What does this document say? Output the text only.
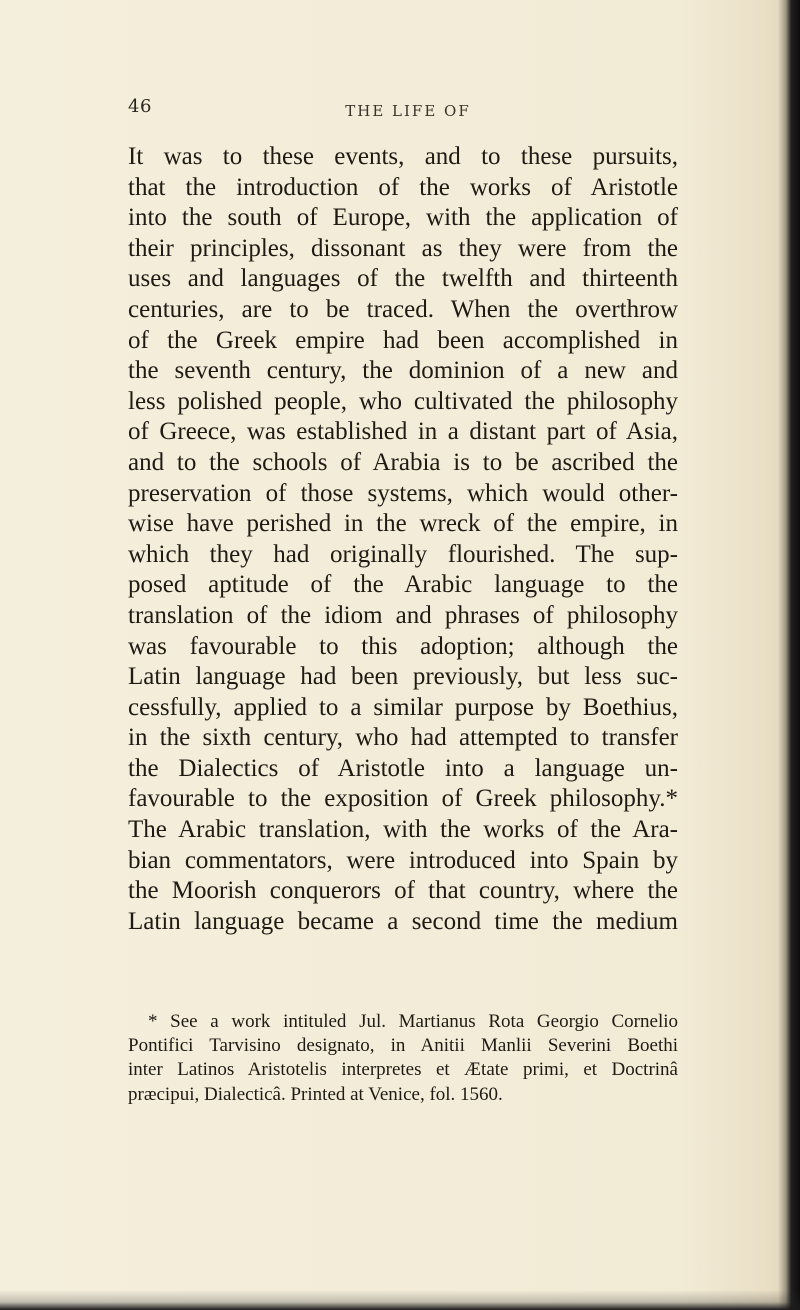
46	THE LIFE OF
It was to these events, and to these pursuits,
that the introduction of the works of Aristotle
into the south of Europe, with the application of
their principles, dissonant as they were from the
uses and languages of the twelfth and thirteenth
centuries, are to be traced. When the overthrow
of the Greek empire had been accomplished in
the seventh century, the dominion of a new and
less polished people, who cultivated the philosophy
of Greece, was established in a distant part of Asia,
and to the schools of Arabia is to be ascribed the
preservation of those systems, which would other-
wise have perished in the wreck of the empire, in
which they had originally flourished. The sup-
posed aptitude of the Arabic language to the
translation of the idiom and phrases of philosophy
was favourable to this adoption; although the
Latin language had been previously, but less suc-
cessfully, applied to a similar purpose by Boethius,
in the sixth century, who had attempted to transfer
the Dialectics of Aristotle into a language un-
favourable to the exposition of Greek philosophy.*
The Arabic translation, with the works of the Ara-
bian commentators, were introduced into Spain by
the Moorish conquerors of that country, where the
Latin language became a second time the medium
* See a work intituled Jul. Martianus Rota Georgio Cornelio
Pontifici Tarvisino designato, in Anitii Manlii Severini Boethi
inter Latinos Aristotelis interpretes et Ætate primi, et Doctrinâ
præcipui, Dialecticâ. Printed at Venice, fol. 1560.
